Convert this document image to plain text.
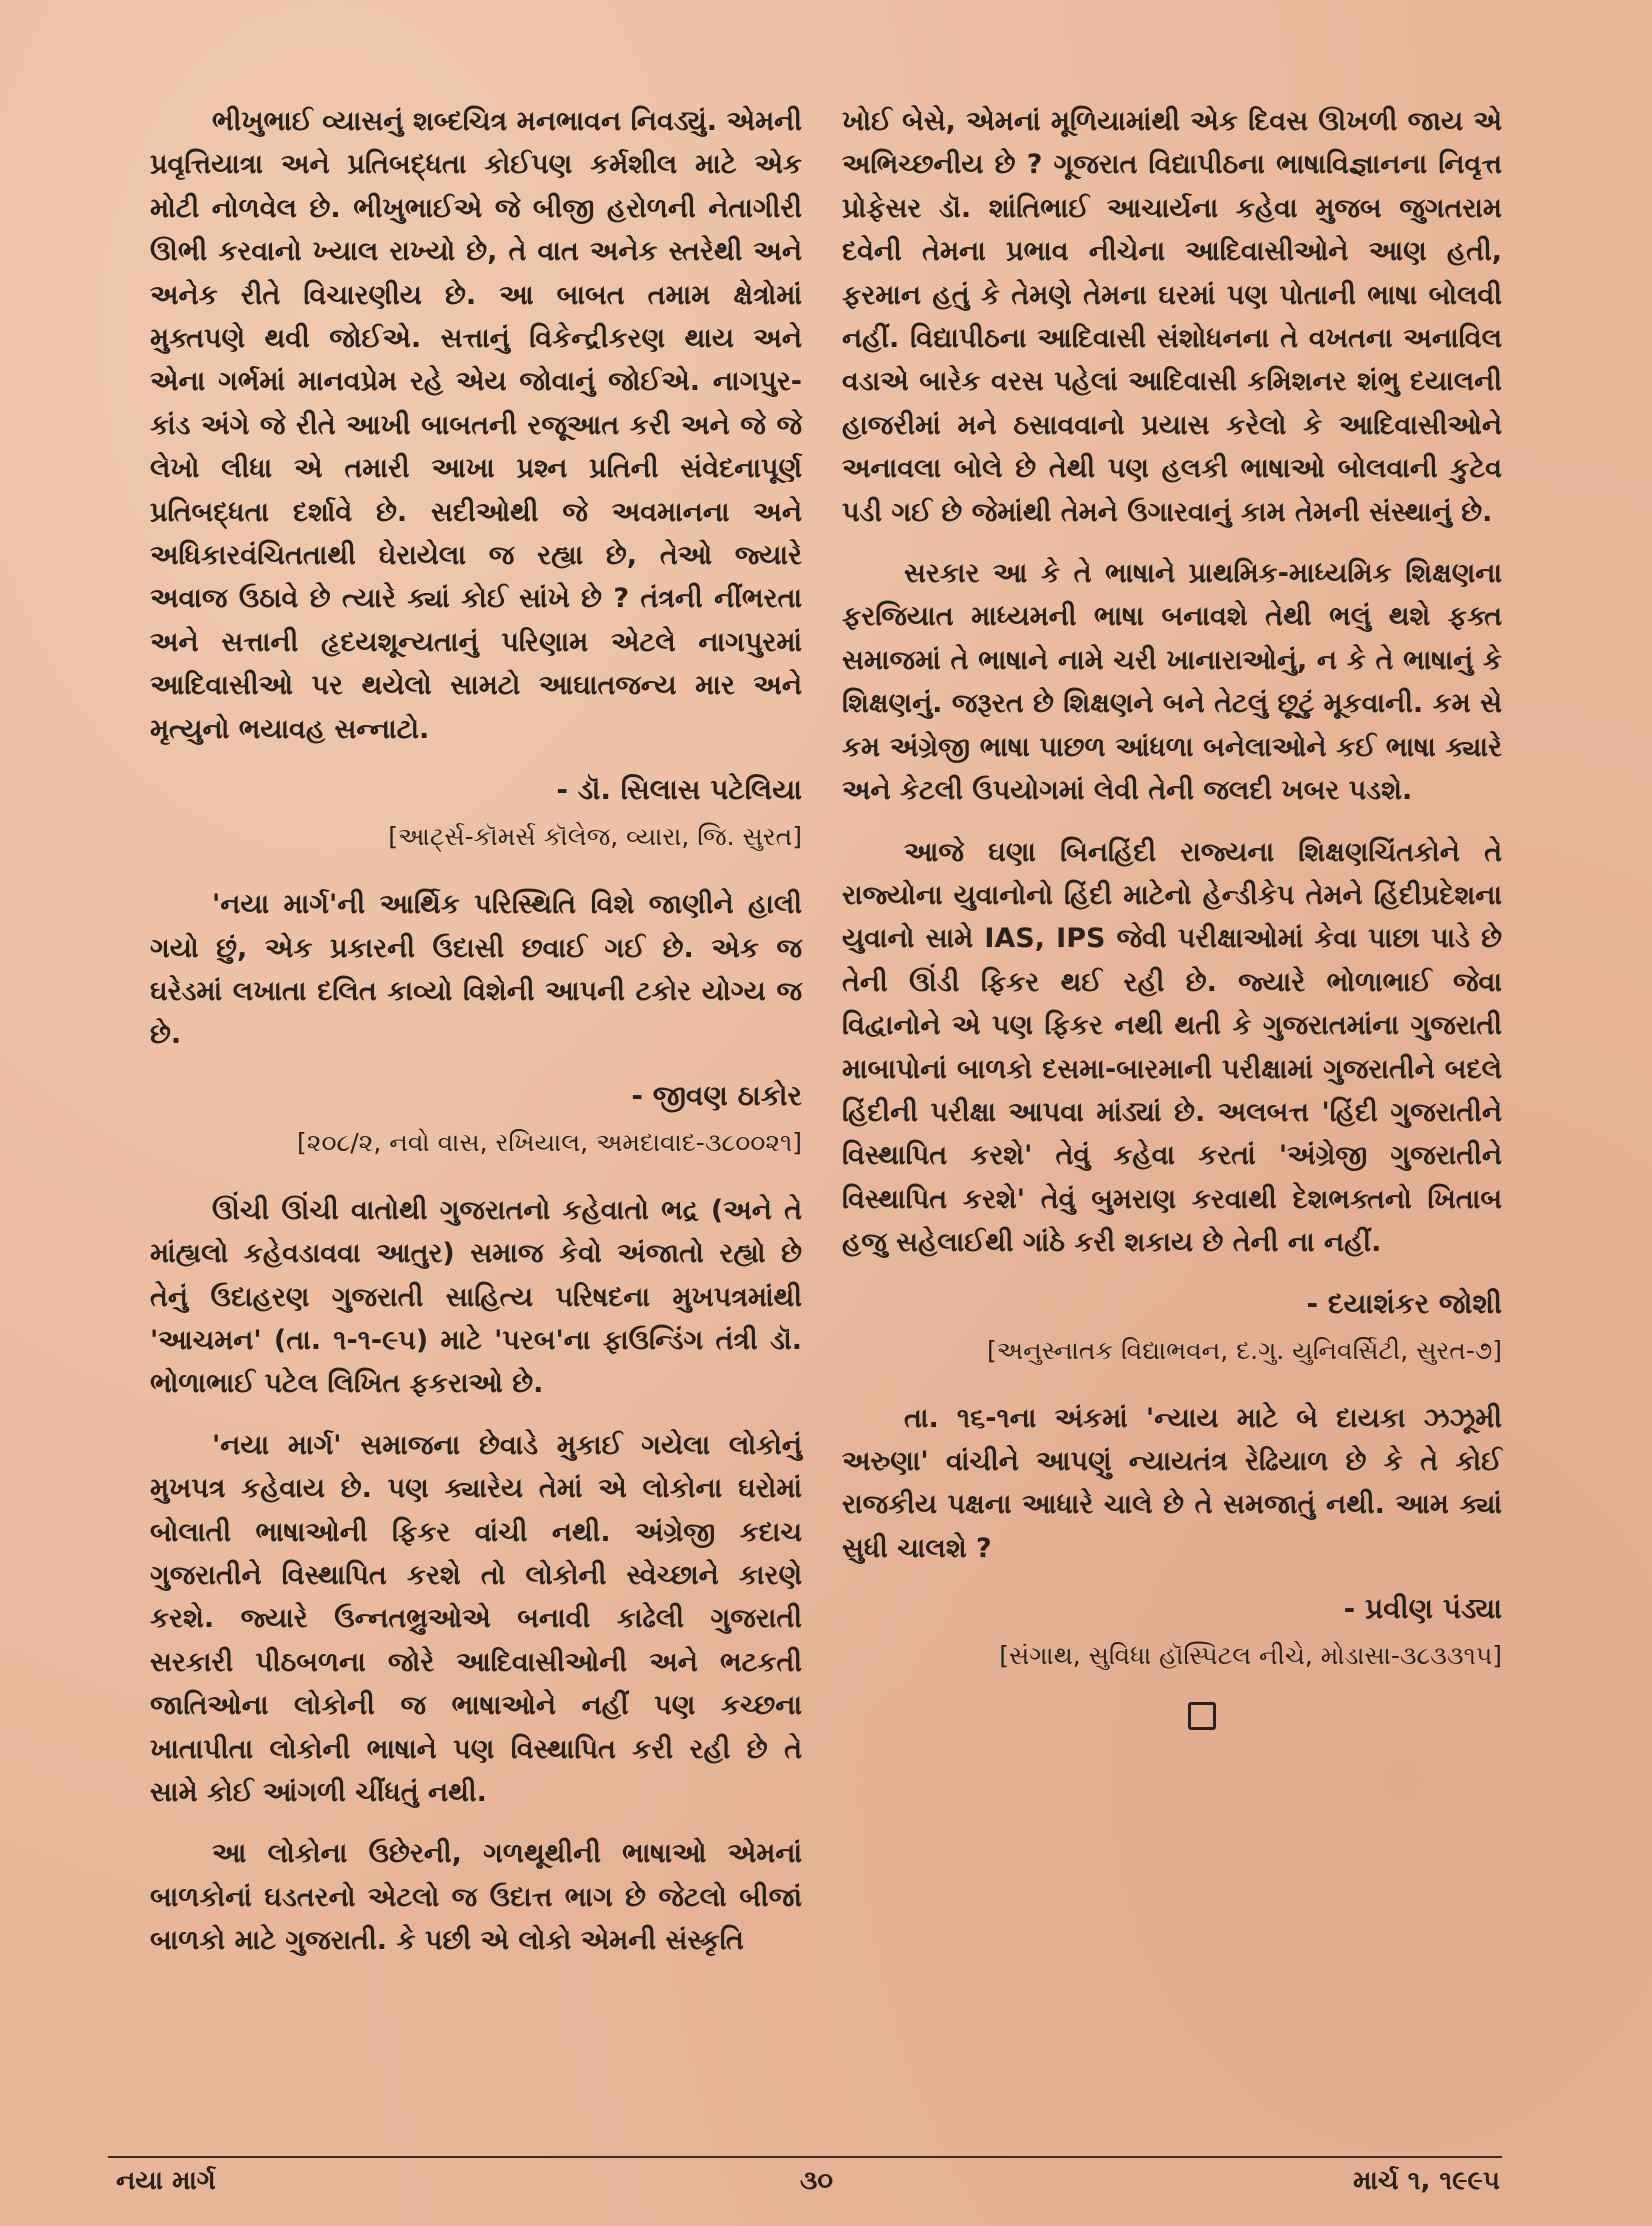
ભીખુભાઈ વ્યાસનું શબ્દચિત્ર મનભાવન નિવડ્યું. એમની પ્રવૃત્તિયાત્રા અને પ્રતિબદ્ધતા કોઈપણ કર્મશીલ માટે એક મોટી નોળવેલ છે. ભીખુભાઈએ જે બીજી હરોળની નેતાગીરી ઊભી કરવાનો ખ્યાલ રાખ્યો છે, તે વાત અનેક સ્તરેથી અને અનેક રીતે વિચારણીય છે. આ બાબત તમામ ક્ષેત્રોમાં મુક્તપણે થવી જોઈએ. સત્તાનું વિકેન્દ્રીકરણ થાય અને એના ગર્ભમાં માનવપ્રેમ રહે એય જોવાનું જોઈએ. નાગપુર-કાંડ અંગે જે રીતે આખી બાબતની રજૂઆત કરી અને જે જે લેખો લીધા એ તમારી આખા પ્રશ્ન પ્રતિની સંવેદનાપૂર્ણ પ્રતિબદ્ધતા દર્શાવે છે. સદીઓથી જે અવમાનના અને અધિકારવંચિતતાથી ઘેરાયેલા જ રહ્યા છે, તેઓ જ્યારે અવાજ ઉઠાવે છે ત્યારે ક્યાં કોઈ સાંખે છે ? તંત્રની નીંભરતા અને સત્તાની હૃદયશૂન્યતાનું પરિણામ એટલે નાગપુરમાં આદિવાસીઓ પર થયેલો સામટો આઘાતજન્ય માર અને મૃત્યુનો ભયાવહ સન્નાટો.

- ડૉ. સિલાસ પટેલિયા
[આર્ટ્સ-કૉમર્સ કૉલેજ, વ્યારા, જિ. સુરત]

'નયા માર્ગ'ની આર્થિક પરિસ્થિતિ વિશે જાણીને હાલી ગયો છું, એક પ્રકારની ઉદાસી છવાઈ ગઈ છે. એક જ ઘરેડમાં લખાતા દલિત કાવ્યો વિશેની આપની ટકોર યોગ્ય જ છે.

- જીવણ ઠાકોર
[૨૦૮/૨, નવો વાસ, રખિયાલ, અમદાવાદ-૩૮૦૦૨૧]

ઊંચી ઊંચી વાતોથી ગુજરાતનો કહેવાતો ભદ્ર (અને તે માંહ્યલો કહેવડાવવા આતુર) સમાજ કેવો અંજાતો રહ્યો છે તેનું ઉદાહરણ ગુજરાતી સાહિત્ય પરિષદના મુખપત્રમાંથી 'આચમન' (તા. ૧-૧-૯૫) માટે 'પરબ'ના ફાઉન્ડિંગ તંત્રી ડૉ. ભોળાભાઈ પટેલ લિખિત ફકરાઓ છે.

'નયા માર્ગ' સમાજના છેવાડે મુકાઈ ગયેલા લોકોનું મુખપત્ર કહેવાય છે. પણ ક્યારેય તેમાં એ લોકોના ઘરોમાં બોલાતી ભાષાઓની ફિકર વાંચી નથી. અંગ્રેજી કદાચ ગુજરાતીને વિસ્થાપિત કરશે તો લોકોની સ્વેચ્છાને કારણે કરશે. જ્યારે ઉન્નતભ્રુઓએ બનાવી કાઢેલી ગુજરાતી સરકારી પીઠબળના જોરે આદિવાસીઓની અને ભટકતી જાતિઓના લોકોની જ ભાષાઓને નહીં પણ કચ્છના ખાતાપીતા લોકોની ભાષાને પણ વિસ્થાપિત કરી રહી છે તે સામે કોઈ આંગળી ચીંધતું નથી.

આ લોકોના ઉછેરની, ગળથૂથીની ભાષાઓ એમનાં બાળકોનાં ઘડતરનો એટલો જ ઉદાત્ત ભાગ છે જેટલો બીજાં બાળકો માટે ગુજરાતી. કે પછી એ લોકો એમની સંસ્કૃતિ

ખોઈ બેસે, એમનાં મૂળિયામાંથી એક દિવસ ઊખળી જાય એ અભિચ્છનીય છે ? ગૂજરાત વિદ્યાપીઠના ભાષાવિજ્ઞાનના નિવૃત્ત પ્રોફેસર ડૉ. શાંતિભાઈ આચાર્યના કહેવા મુજબ જુગતરામ દવેની તેમના પ્રભાવ નીચેના આદિવાસીઓને આણ હતી, ફરમાન હતું કે તેમણે તેમના ઘરમાં પણ પોતાની ભાષા બોલવી નહીં. વિદ્યાપીઠના આદિવાસી સંશોધનના તે વખતના અનાવિલ વડાએ બારેક વરસ પહેલાં આદિવાસી કમિશનર શંભુ દયાલની હાજરીમાં મને ઠસાવવાનો પ્રયાસ કરેલો કે આદિવાસીઓને અનાવલા બોલે છે તેથી પણ હલકી ભાષાઓ બોલવાની કુટેવ પડી ગઈ છે જેમાંથી તેમને ઉગારવાનું કામ તેમની સંસ્થાનું છે.

સરકાર આ કે તે ભાષાને પ્રાથમિક-માધ્યમિક શિક્ષણના ફરજિયાત માધ્યમની ભાષા બનાવશે તેથી ભલું થશે ફક્ત સમાજમાં તે ભાષાને નામે ચરી ખાનારાઓનું, ન કે તે ભાષાનું કે શિક્ષણનું. જરૂરત છે શિક્ષણને બને તેટલું છૂટું મૂકવાની. કમ સે કમ અંગ્રેજી ભાષા પાછળ આંધળા બનેલાઓને કઈ ભાષા ક્યારે અને કેટલી ઉપયોગમાં લેવી તેની જલદી ખબર પડશે.

આજે ઘણા બિનહિંદી રાજ્યના શિક્ષણચિંતકોને તે રાજ્યોના યુવાનોનો હિંદી માટેનો હેન્ડીકેપ તેમને હિંદીપ્રદેશના યુવાનો સામે IAS, IPS જેવી પરીક્ષાઓમાં કેવા પાછા પાડે છે તેની ઊંડી ફિકર થઈ રહી છે. જ્યારે ભોળાભાઈ જેવા વિદ્વાનોને એ પણ ફિકર નથી થતી કે ગુજરાતમાંના ગુજરાતી માબાપોનાં બાળકો દસમા-બારમાની પરીક્ષામાં ગુજરાતીને બદલે હિંદીની પરીક્ષા આપવા માંડ્યાં છે. અલબત્ત 'હિંદી ગુજરાતીને વિસ્થાપિત કરશે' તેવું કહેવા કરતાં 'અંગ્રેજી ગુજરાતીને વિસ્થાપિત કરશે' તેવું બુમરાણ કરવાથી દેશભક્તનો ખિતાબ હજુ સહેલાઈથી ગાંઠે કરી શકાય છે તેની ના નહીં.

- દયાશંકર જોશી
[અનુસ્નાતક વિદ્યાભવન, દ.ગુ. યુનિવર્સિટી, સુરત-૭]

તા. ૧૬-૧ના અંકમાં 'ન્યાય માટે બે દાયકા ઝઝૂમી અરુણા' વાંચીને આપણું ન્યાયતંત્ર રેઢિયાળ છે કે તે કોઈ રાજકીય પક્ષના આધારે ચાલે છે તે સમજાતું નથી. આમ ક્યાં સુધી ચાલશે ?

- પ્રવીણ પંડ્યા
[સંગાથ, સુવિધા હૉસ્પિટલ નીચે, મોડાસા-૩૮૩૩૧૫]
નયા માર્ગ	૩૦	માર્ચ ૧, ૧૯૯૫
